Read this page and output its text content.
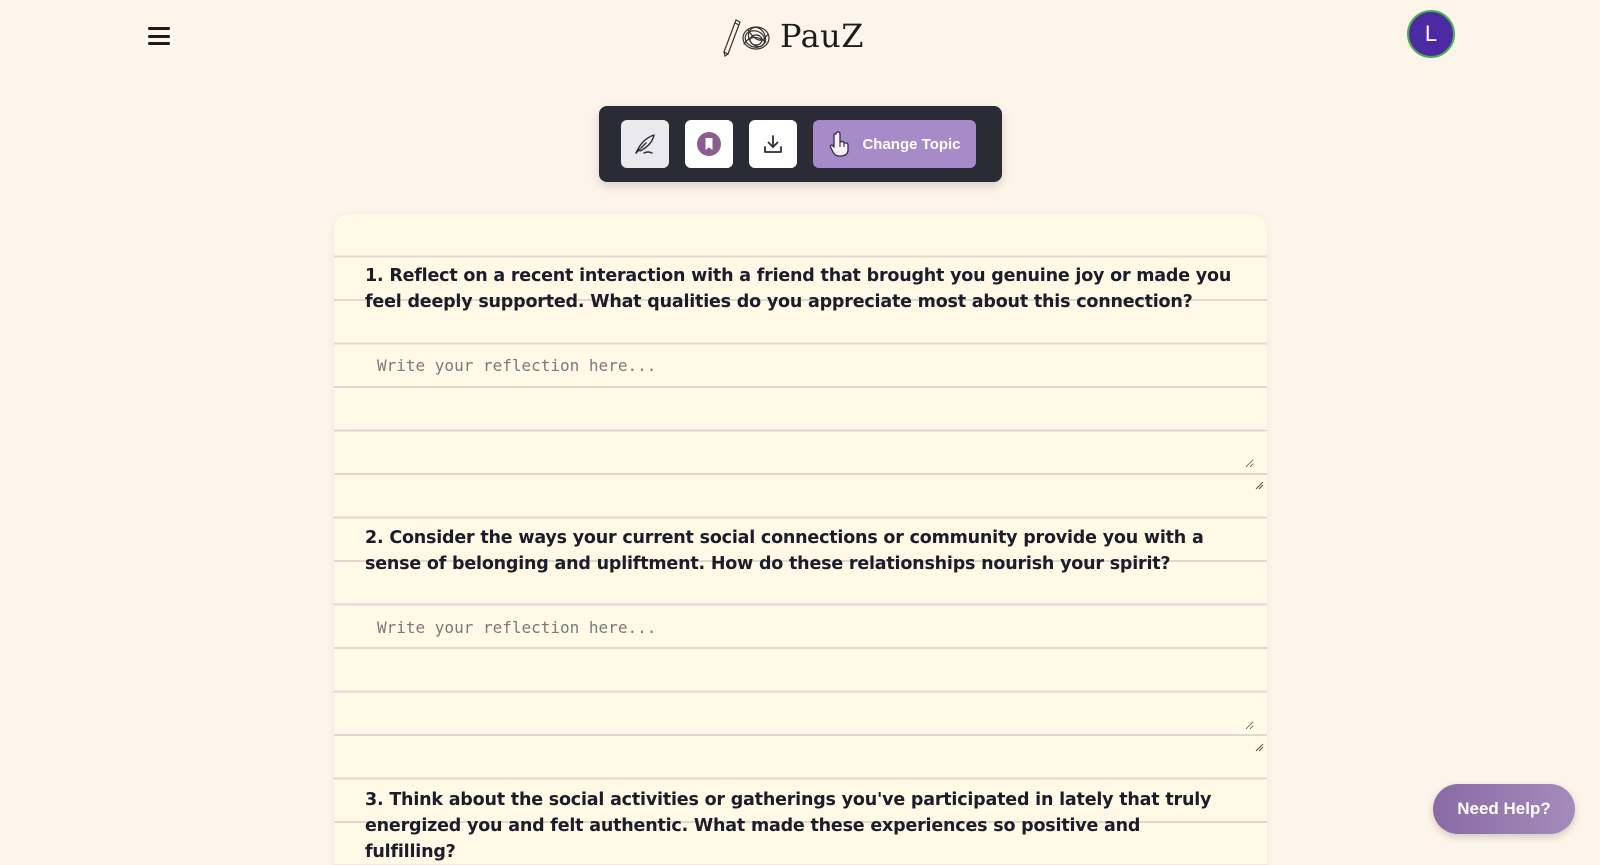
PauZ	L
Change Topic
1. Reflect on a recent interaction with a friend that brought you genuine joy or made you feel deeply supported. What qualities do you appreciate most about this connection?
Write your reflection here...
2. Consider the ways your current social connections or community provide you with a sense of belonging and upliftment. How do these relationships nourish your spirit?
Write your reflection here...
3. Think about the social activities or gatherings you've participated in lately that truly energized you and felt authentic. What made these experiences so positive and fulfilling?
Need Help?
